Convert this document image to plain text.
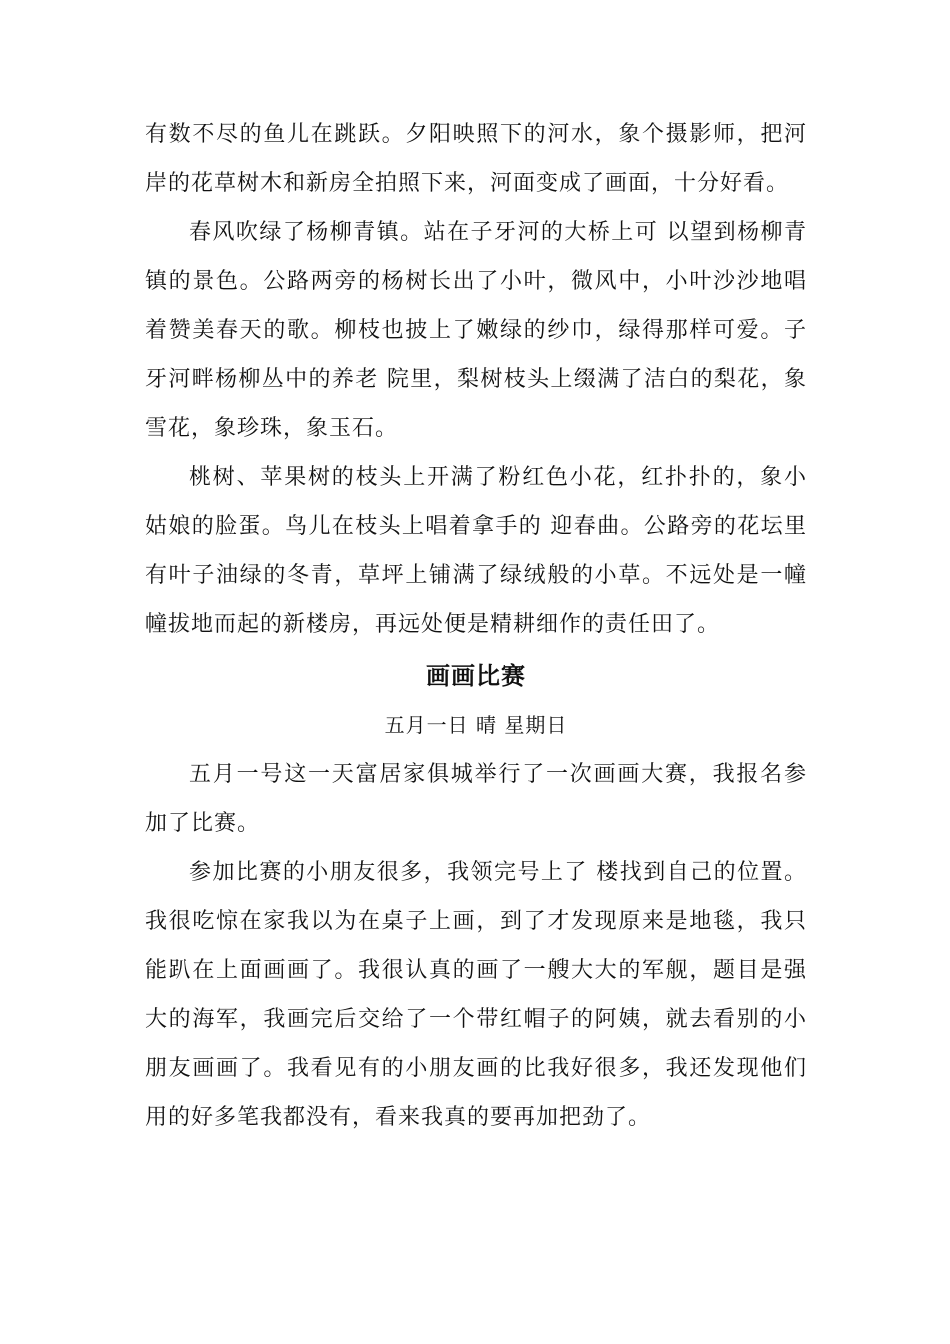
有数不尽的鱼儿在跳跃。夕阳映照下的河水，象个摄影师，把河岸的花草树木和新房全拍照下来，河面变成了画面，十分好看。

春风吹绿了杨柳青镇。站在子牙河的大桥上可 以望到杨柳青镇的景色。公路两旁的杨树长出了小叶，微风中，小叶沙沙地唱着赞美春天的歌。柳枝也披上了嫩绿的纱巾，绿得那样可爱。子牙河畔杨柳丛中的养老 院里，梨树枝头上缀满了洁白的梨花，象雪花，象珍珠，象玉石。

桃树、苹果树的枝头上开满了粉红色小花，红扑扑的，象小姑娘的脸蛋。鸟儿在枝头上唱着拿手的 迎春曲。公路旁的花坛里有叶子油绿的冬青，草坪上铺满了绿绒般的小草。不远处是一幢幢拔地而起的新楼房，再远处便是精耕细作的责任田了。

画画比赛

五月一日 晴 星期日

五月一号这一天富居家俱城举行了一次画画大赛，我报名参加了比赛。

参加比赛的小朋友很多，我领完号上了 楼找到自己的位置。我很吃惊在家我以为在桌子上画，到了才发现原来是地毯，我只能趴在上面画画了。我很认真的画了一艘大大的军舰，题目是强大的海军，我画完后交给了一个带红帽子的阿姨，就去看别的小朋友画画了。我看见有的小朋友画的比我好很多，我还发现他们用的好多笔我都没有，看来我真的要再加把劲了。
